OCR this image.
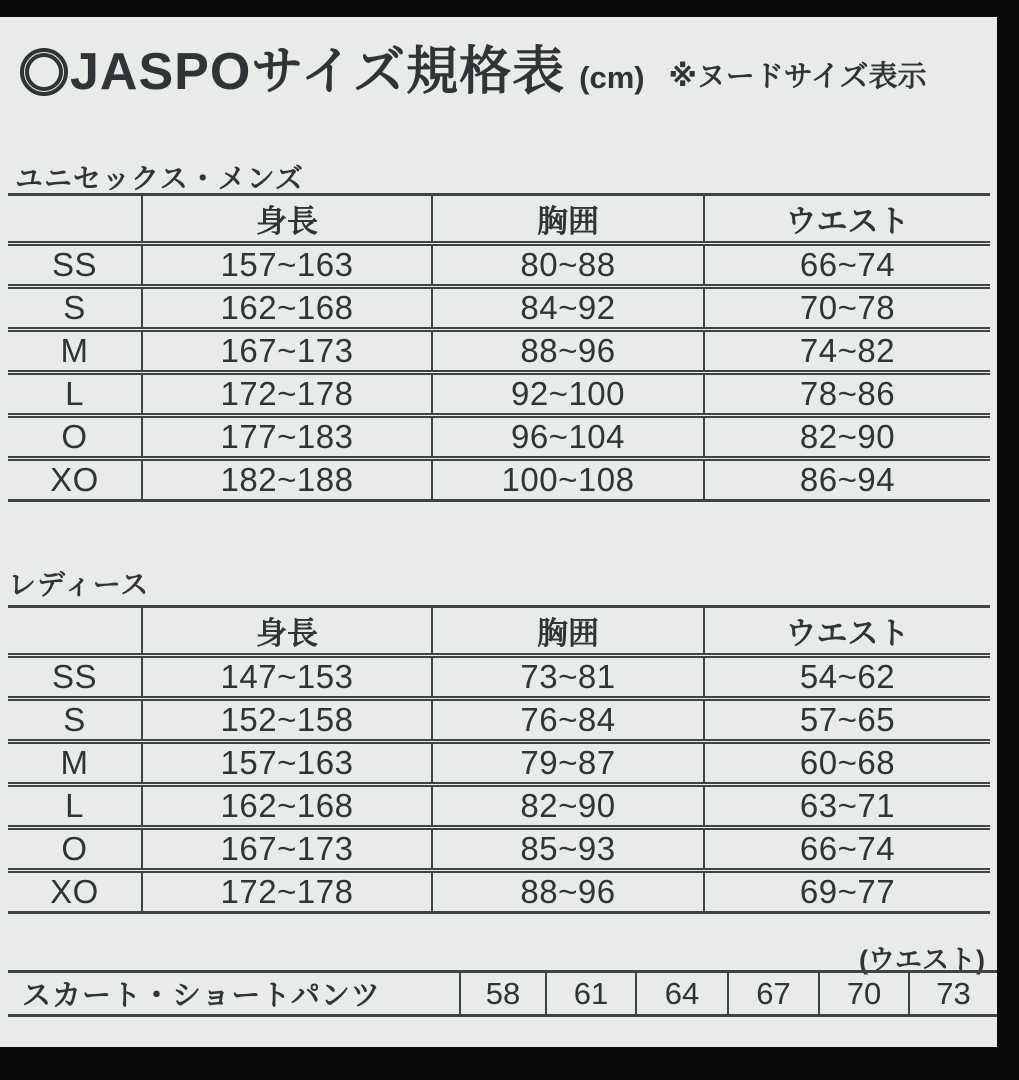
JASPOサイズ規格表 (cm) ※ヌードサイズ表示
ユニセックス・メンズ
	身長	胸囲	ウエスト
SS	157~163	80~88	66~74
S	162~168	84~92	70~78
M	167~173	88~96	74~82
L	172~178	92~100	78~86
O	177~183	96~104	82~90
XO	182~188	100~108	86~94
レディース
	身長	胸囲	ウエスト
SS	147~153	73~81	54~62
S	152~158	76~84	57~65
M	157~163	79~87	60~68
L	162~168	82~90	63~71
O	167~173	85~93	66~74
XO	172~178	88~96	69~77
(ウエスト)
スカート・ショートパンツ	58	61	64	67	70	73
